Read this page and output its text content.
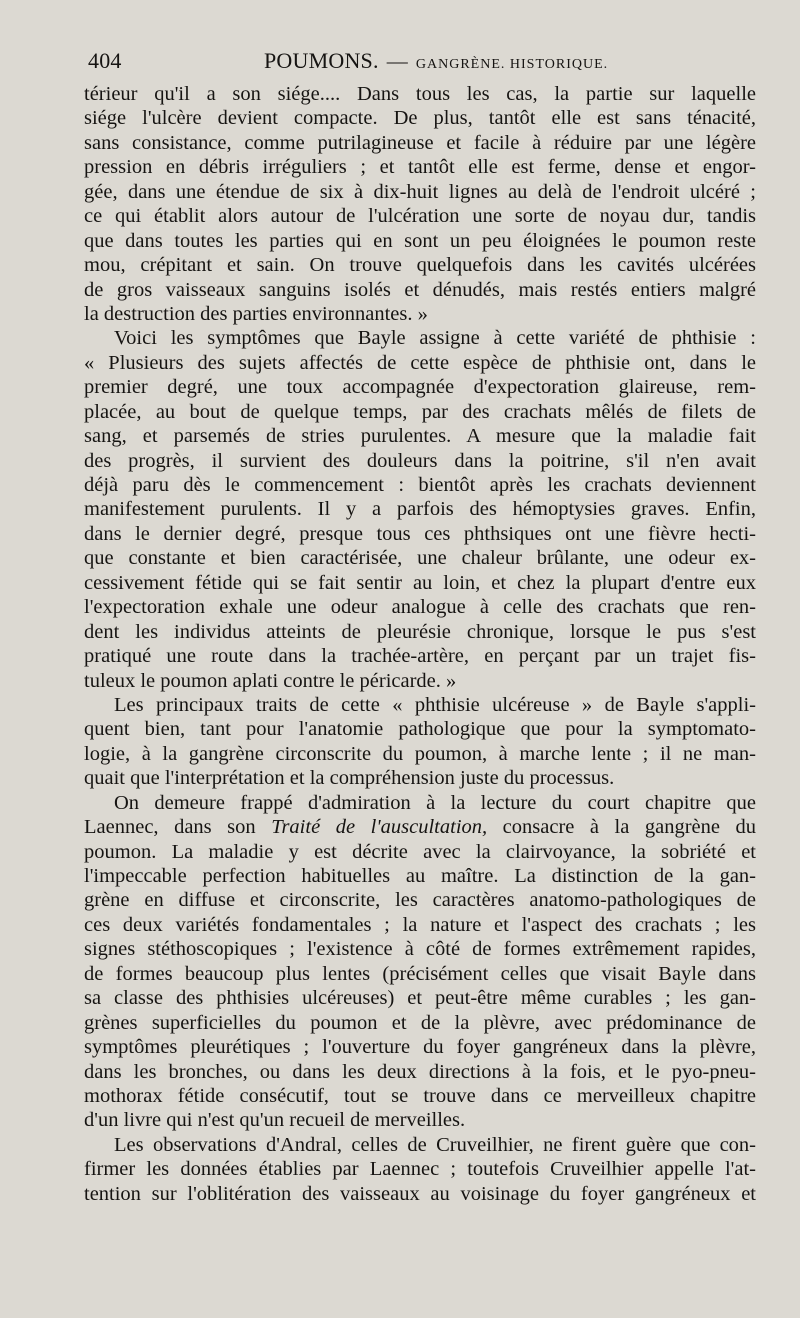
404	POUMONS. — GANGRÈNE. HISTORIQUE.
térieur qu'il a son siége.... Dans tous les cas, la partie sur laquelle
siége l'ulcère devient compacte. De plus, tantôt elle est sans ténacité,
sans consistance, comme putrilagineuse et facile à réduire par une légère
pression en débris irréguliers ; et tantôt elle est ferme, dense et engor-
gée, dans une étendue de six à dix-huit lignes au delà de l'endroit ulcéré ;
ce qui établit alors autour de l'ulcération une sorte de noyau dur, tandis
que dans toutes les parties qui en sont un peu éloignées le poumon reste
mou, crépitant et sain. On trouve quelquefois dans les cavités ulcérées
de gros vaisseaux sanguins isolés et dénudés, mais restés entiers malgré
la destruction des parties environnantes. »
Voici les symptômes que Bayle assigne à cette variété de phthisie :
« Plusieurs des sujets affectés de cette espèce de phthisie ont, dans le
premier degré, une toux accompagnée d'expectoration glaireuse, rem-
placée, au bout de quelque temps, par des crachats mêlés de filets de
sang, et parsemés de stries purulentes. A mesure que la maladie fait
des progrès, il survient des douleurs dans la poitrine, s'il n'en avait
déjà paru dès le commencement : bientôt après les crachats deviennent
manifestement purulents. Il y a parfois des hémoptysies graves. Enfin,
dans le dernier degré, presque tous ces phthsiques ont une fièvre hecti-
que constante et bien caractérisée, une chaleur brûlante, une odeur ex-
cessivement fétide qui se fait sentir au loin, et chez la plupart d'entre eux
l'expectoration exhale une odeur analogue à celle des crachats que ren-
dent les individus atteints de pleurésie chronique, lorsque le pus s'est
pratiqué une route dans la trachée-artère, en perçant par un trajet fis-
tuleux le poumon aplati contre le péricarde. »
Les principaux traits de cette « phthisie ulcéreuse » de Bayle s'appli-
quent bien, tant pour l'anatomie pathologique que pour la symptomato-
logie, à la gangrène circonscrite du poumon, à marche lente ; il ne man-
quait que l'interprétation et la compréhension juste du processus.
On demeure frappé d'admiration à la lecture du court chapitre que
Laennec, dans son Traité de l'auscultation, consacre à la gangrène du
poumon. La maladie y est décrite avec la clairvoyance, la sobriété et
l'impeccable perfection habituelles au maître. La distinction de la gan-
grène en diffuse et circonscrite, les caractères anatomo-pathologiques de
ces deux variétés fondamentales ; la nature et l'aspect des crachats ; les
signes stéthoscopiques ; l'existence à côté de formes extrêmement rapides,
de formes beaucoup plus lentes (précisément celles que visait Bayle dans
sa classe des phthisies ulcéreuses) et peut-être même curables ; les gan-
grènes superficielles du poumon et de la plèvre, avec prédominance de
symptômes pleurétiques ; l'ouverture du foyer gangréneux dans la plèvre,
dans les bronches, ou dans les deux directions à la fois, et le pyo-pneu-
mothorax fétide consécutif, tout se trouve dans ce merveilleux chapitre
d'un livre qui n'est qu'un recueil de merveilles.
Les observations d'Andral, celles de Cruveilhier, ne firent guère que con-
firmer les données établies par Laennec ; toutefois Cruveilhier appelle l'at-
tention sur l'oblitération des vaisseaux au voisinage du foyer gangréneux et
